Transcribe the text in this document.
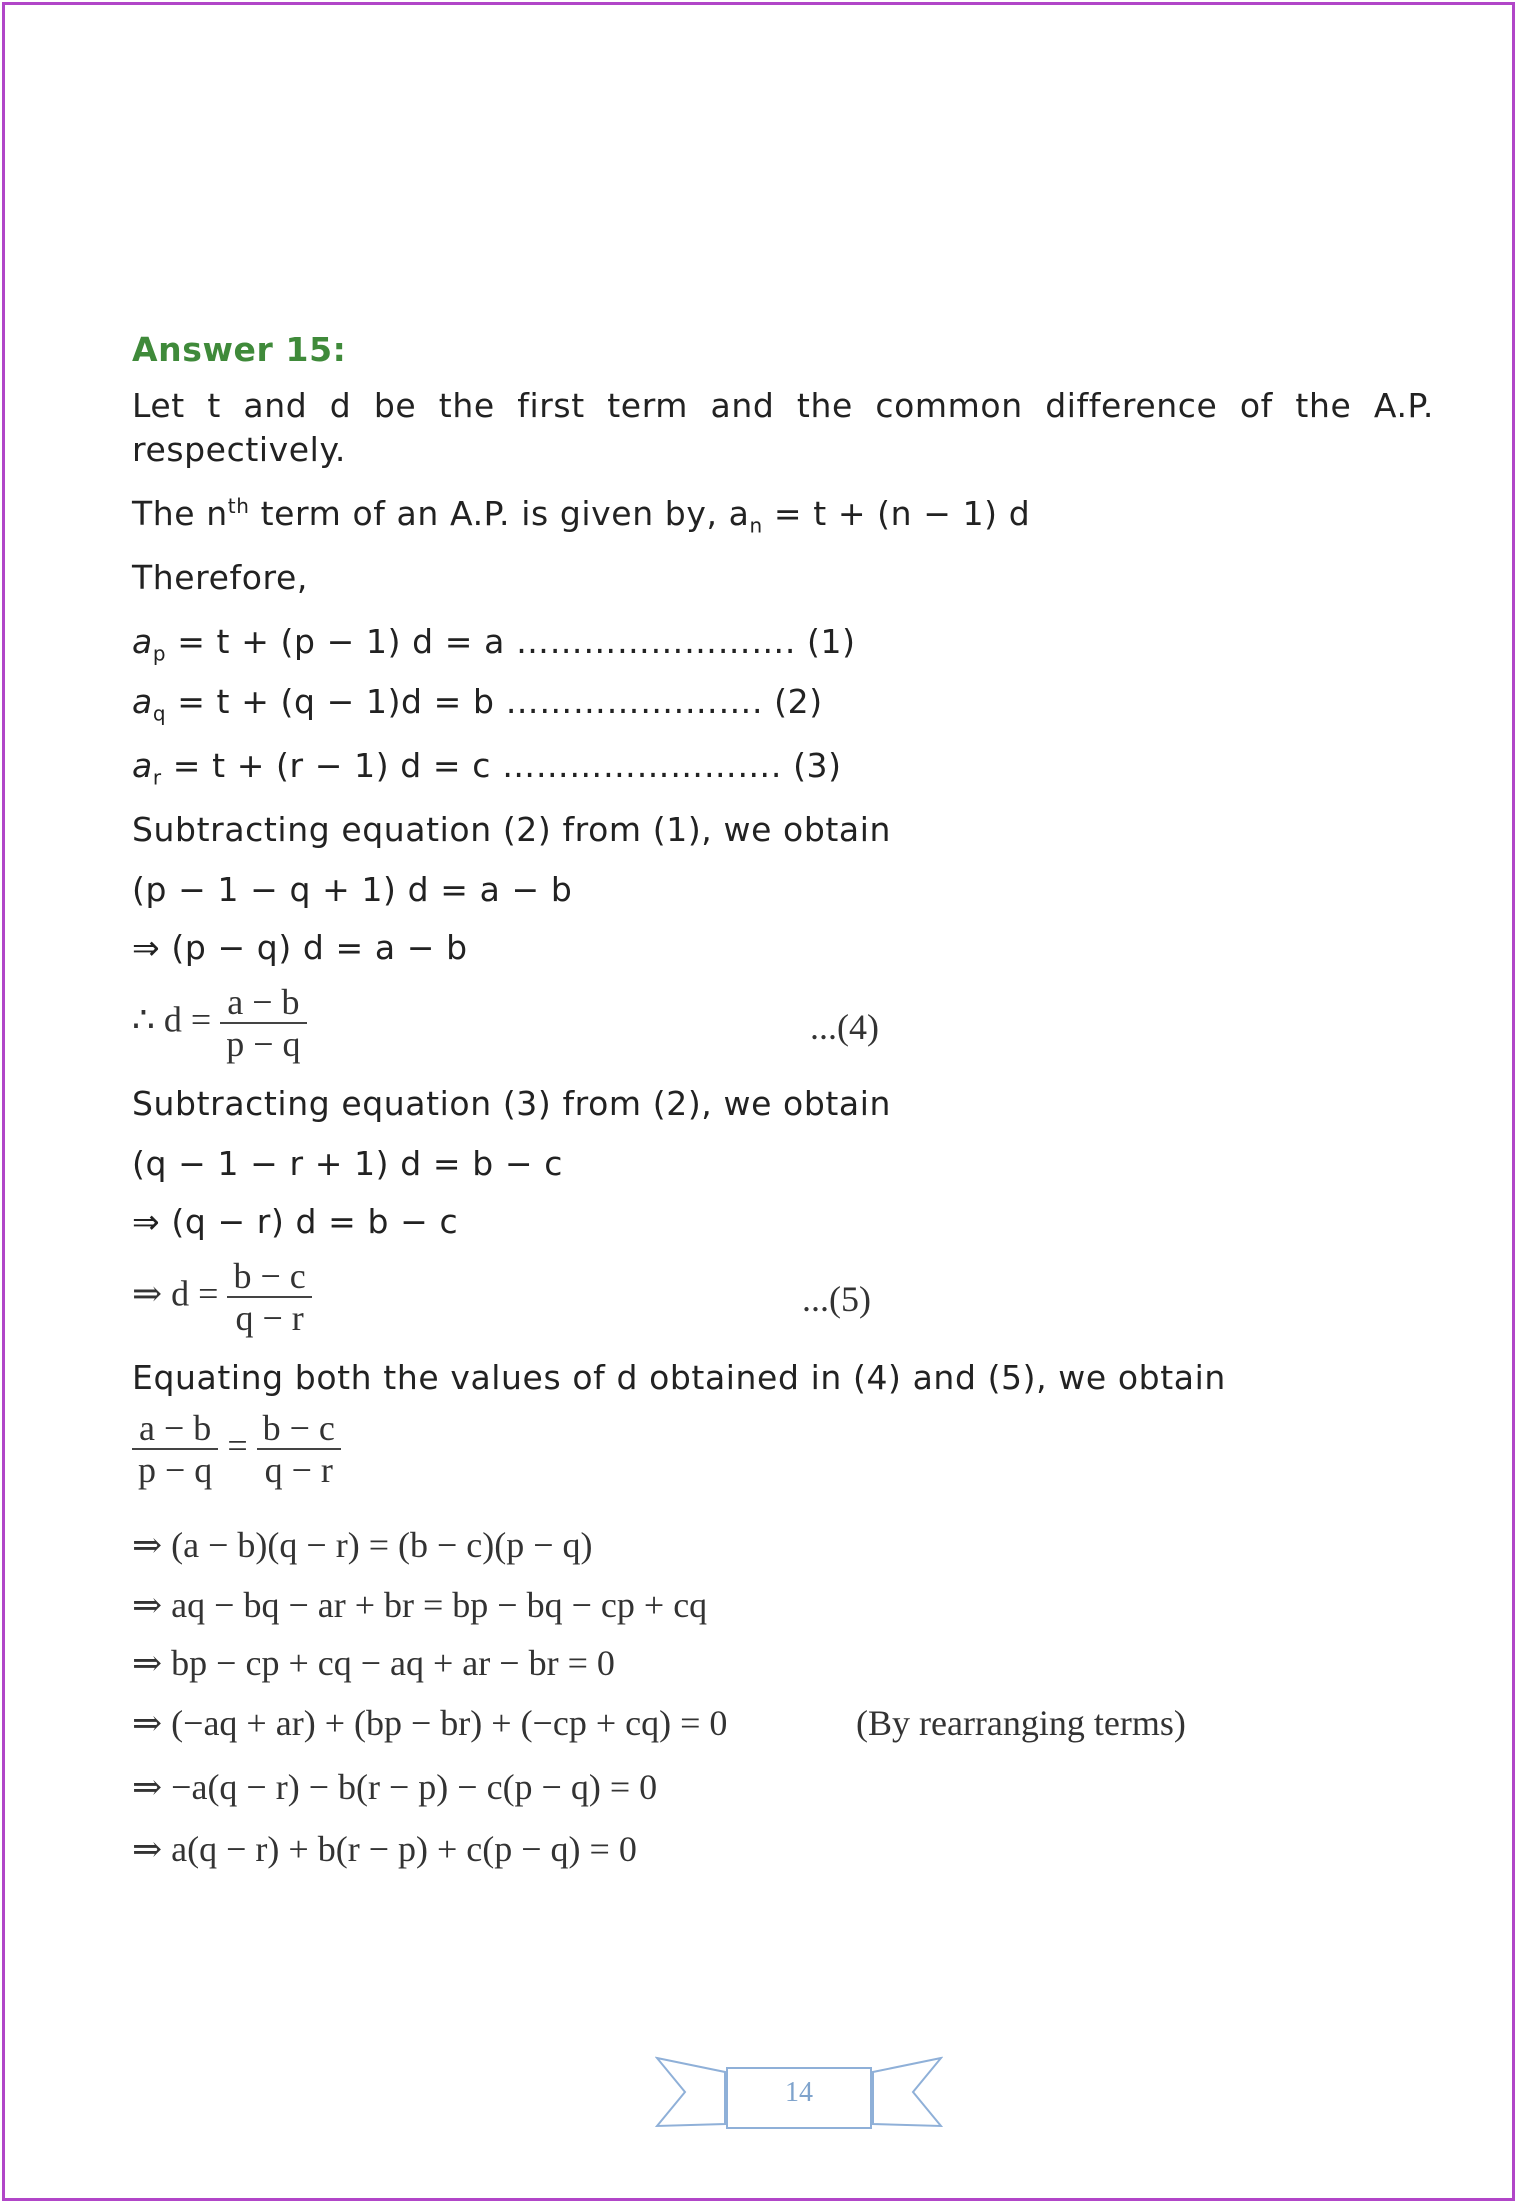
Answer 15:
Let t and d be the first term and the common difference of the A.P.
respectively.
The $n^{th}$ term of an A.P. is given by, $a_n = t + (n - 1)$ d
Therefore,
$a_p = t + (p - 1) d = a$ ……………………. (1)
$a_q = t + (q - 1)d = b$ …………….……. (2)
$a_r = t + (r - 1) d = c$ ……………………. (3)
Subtracting equation (2) from (1), we obtain
(p − 1 − q + 1) d = a − b
⇒ (p − q) d = a − b
∴ $d = \frac{a - b}{p - q}$	...(4)
Subtracting equation (3) from (2), we obtain
(q − 1 − r + 1) d = b − c
⇒ (q − r) d = b − c
⇒ $d = \frac{b - c}{q - r}$	...(5)
Equating both the values of d obtained in (4) and (5), we obtain
$\frac{a - b}{p - q} = \frac{b - c}{q - r}$
⇒ (a − b)(q − r) = (b − c)(p − q)
⇒ aq − bq − ar + br = bp − bq − cp + cq
⇒ bp − cp + cq − aq + ar − br = 0
⇒ (−aq + ar) + (bp − br) + (−cp + cq) = 0	(By rearranging terms)
⇒ −a(q − r) − b(r − p) − c(p − q) = 0
⇒ a(q − r) + b(r − p) + c(p − q) = 0
14
